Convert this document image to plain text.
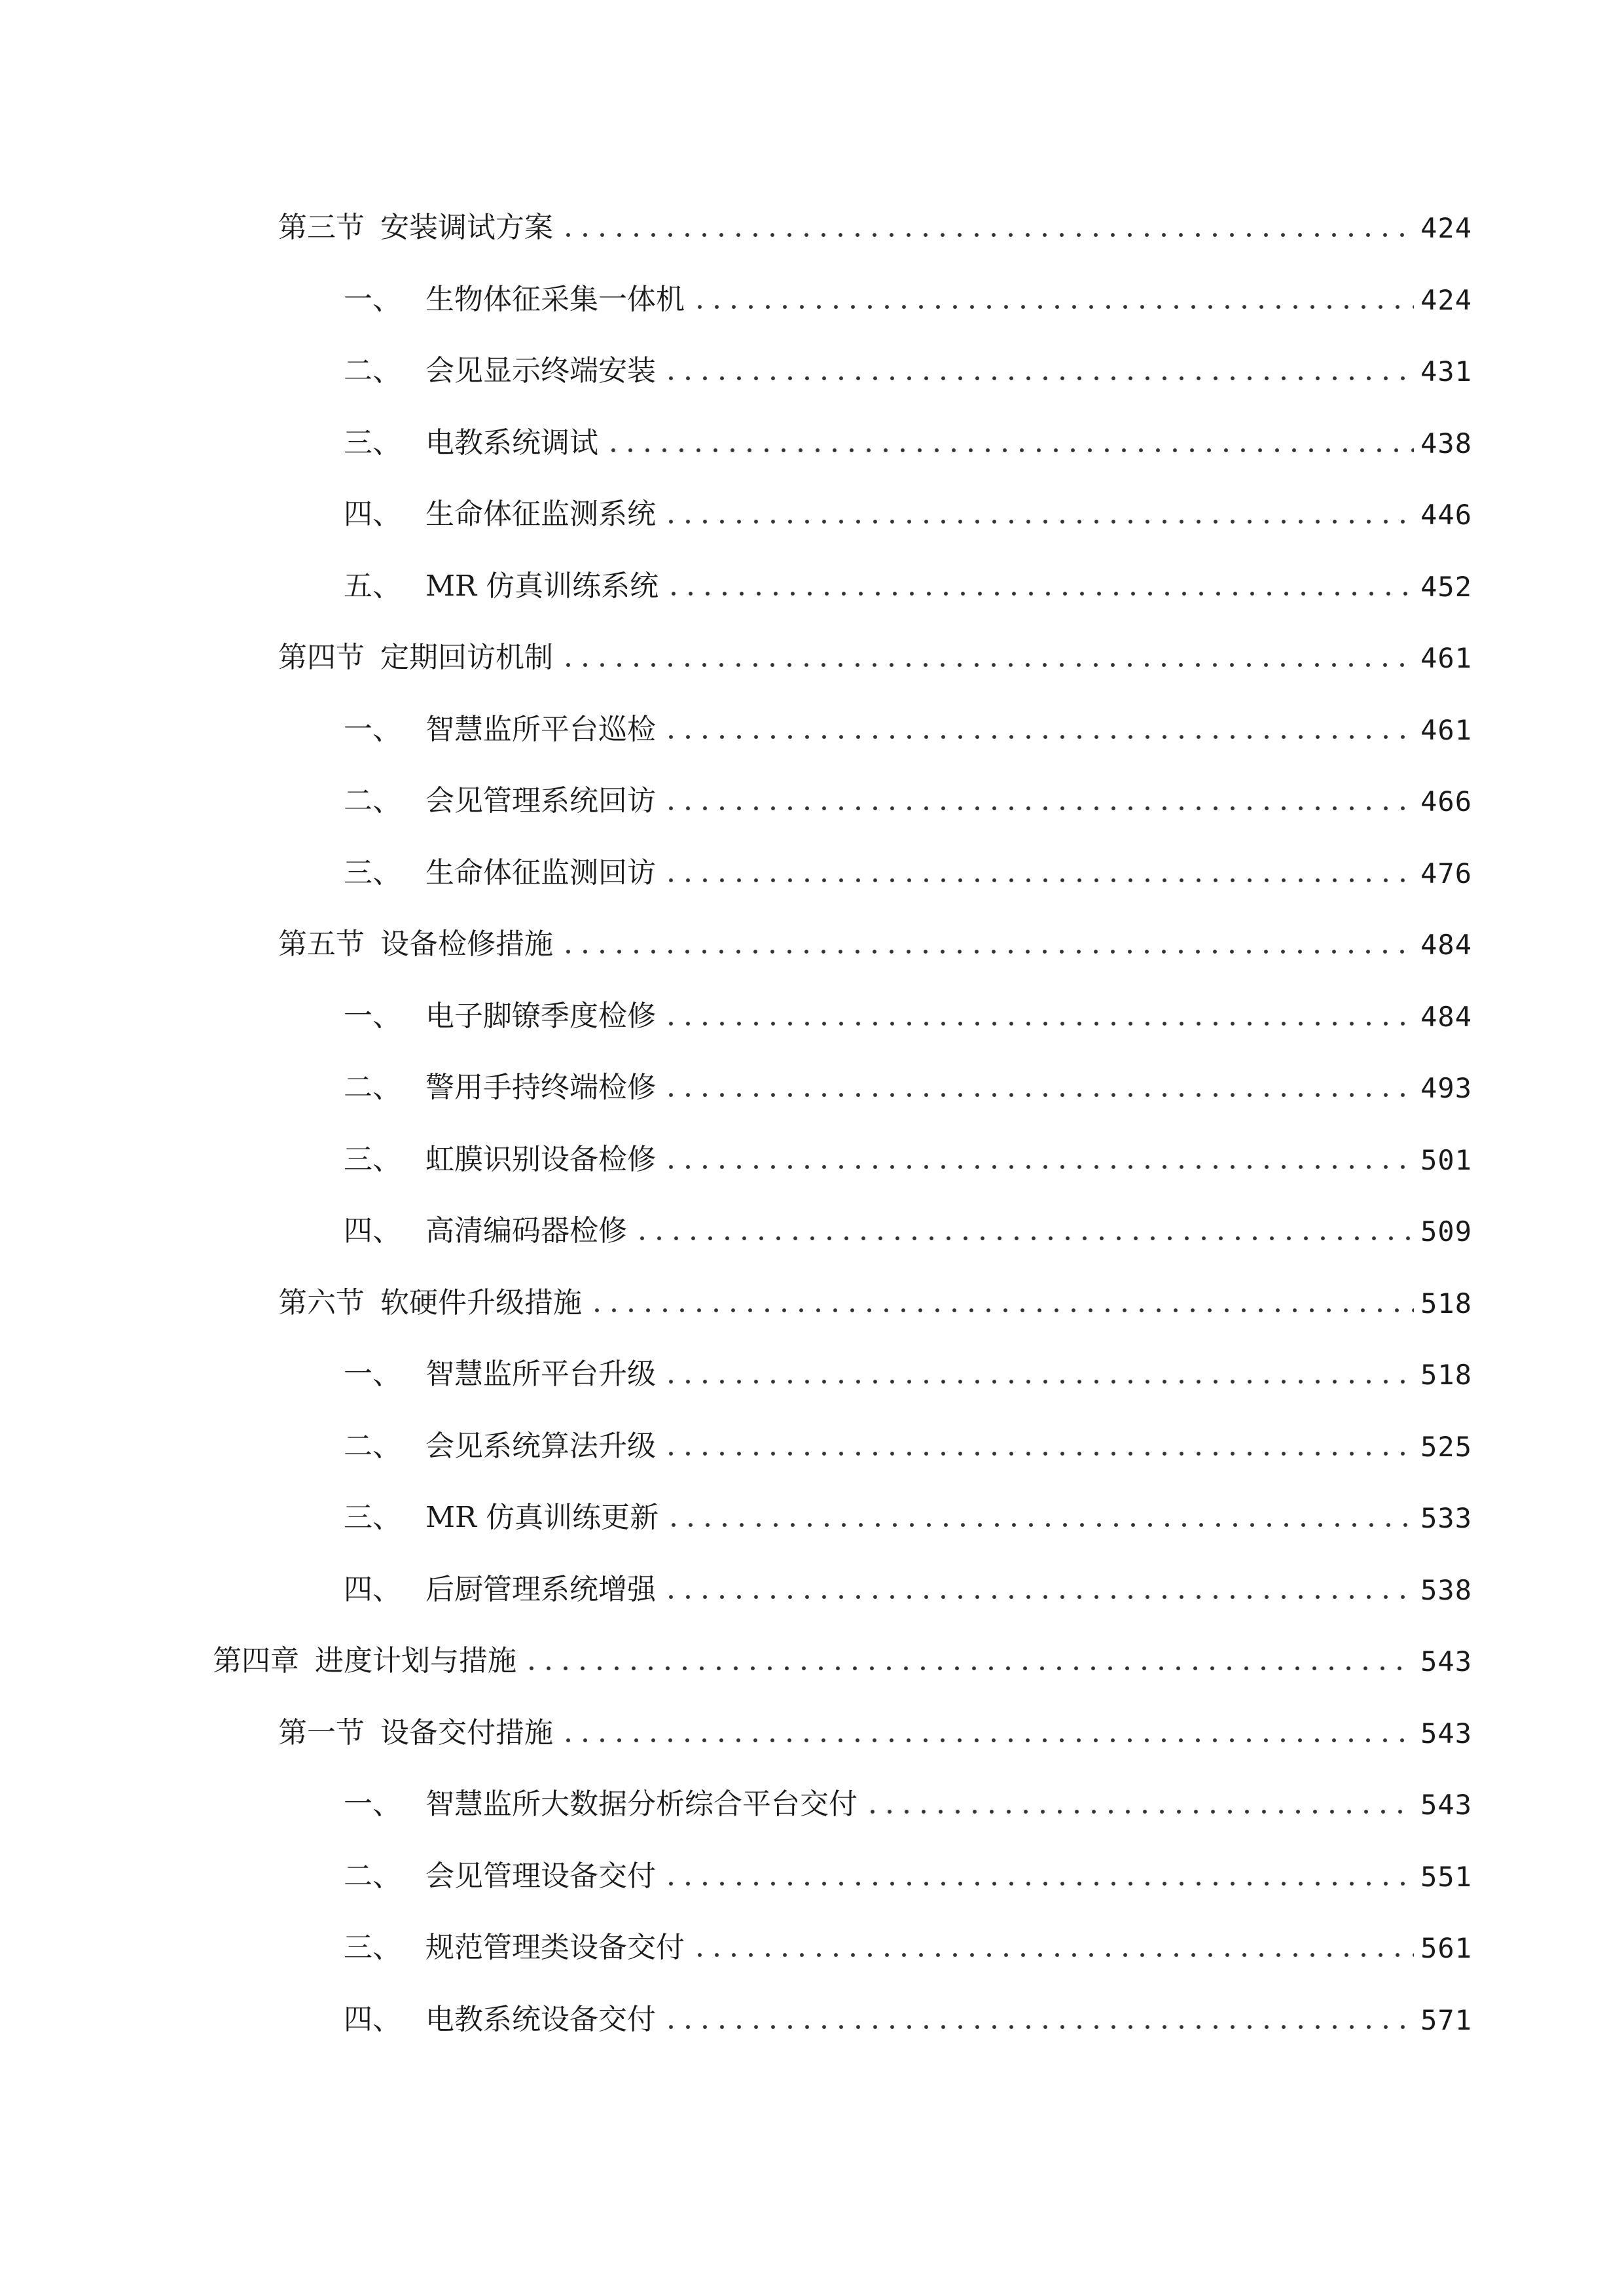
第三节 安装调试方案	424
一、 生物体征采集一体机	424
二、 会见显示终端安装	431
三、 电教系统调试	438
四、 生命体征监测系统	446
五、 MR 仿真训练系统	452
第四节 定期回访机制	461
一、 智慧监所平台巡检	461
二、 会见管理系统回访	466
三、 生命体征监测回访	476
第五节 设备检修措施	484
一、 电子脚镣季度检修	484
二、 警用手持终端检修	493
三、 虹膜识别设备检修	501
四、 高清编码器检修	509
第六节 软硬件升级措施	518
一、 智慧监所平台升级	518
二、 会见系统算法升级	525
三、 MR 仿真训练更新	533
四、 后厨管理系统增强	538
第四章 进度计划与措施	543
第一节 设备交付措施	543
一、 智慧监所大数据分析综合平台交付	543
二、 会见管理设备交付	551
三、 规范管理类设备交付	561
四、 电教系统设备交付	571
